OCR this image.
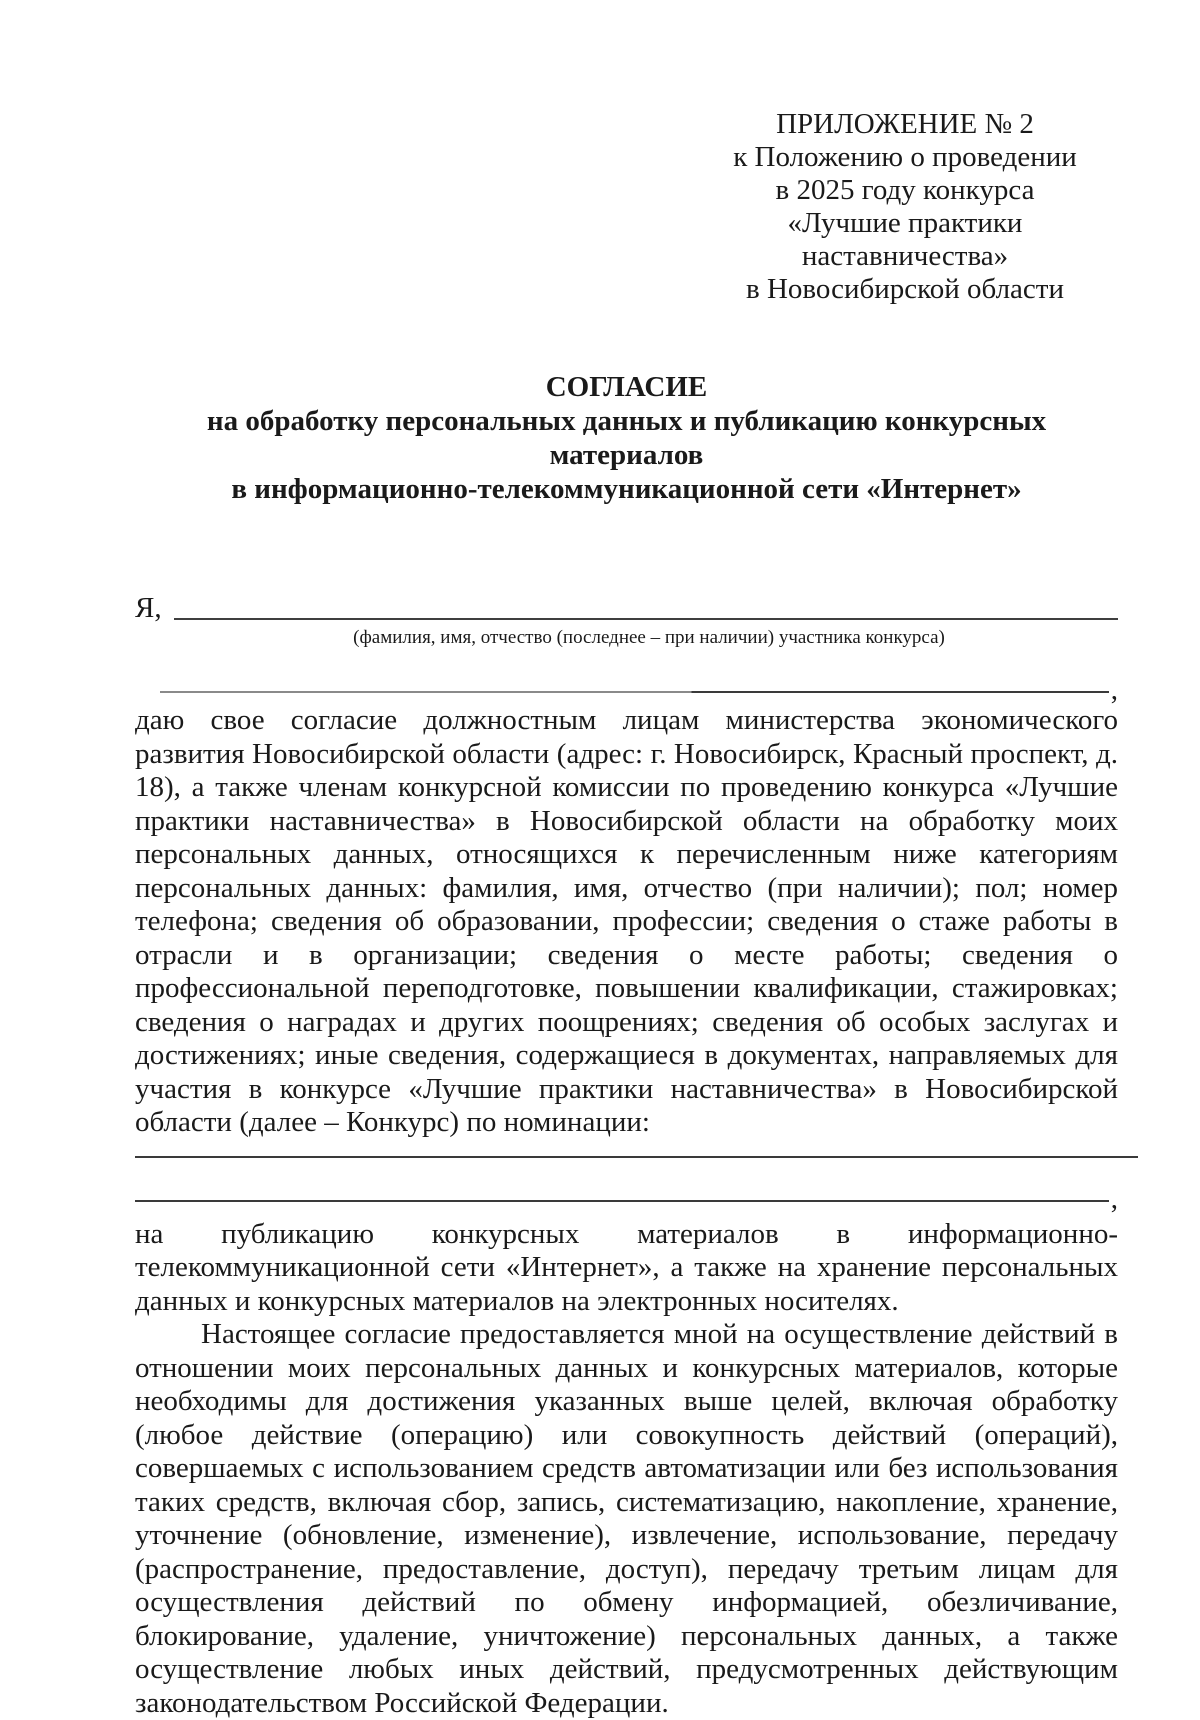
ПРИЛОЖЕНИЕ № 2
к Положению о проведении
в 2025 году конкурса
«Лучшие практики наставничества»
в Новосибирской области
СОГЛАСИЕ
на обработку персональных данных и публикацию конкурсных материалов
в информационно-телекоммуникационной сети «Интернет»
Я,
(фамилия, имя, отчество (последнее – при наличии) участника конкурса)
,

даю свое согласие должностным лицам министерства экономического развития Новосибирской области (адрес: г. Новосибирск, Красный проспект, д. 18), а также членам конкурсной комиссии по проведению конкурса «Лучшие практики наставничества» в Новосибирской области на обработку моих персональных данных, относящихся к перечисленным ниже категориям персональных данных: фамилия, имя, отчество (при наличии); пол; номер телефона; сведения об образовании, профессии; сведения о стаже работы в отрасли и в организации; сведения о месте работы; сведения о профессиональной переподготовке, повышении квалификации, стажировках; сведения о наградах и других поощрениях; сведения об особых заслугах и достижениях; иные сведения, содержащиеся в документах, направляемых для участия в конкурсе «Лучшие практики наставничества» в Новосибирской области (далее – Конкурс) по номинации:

,

на публикацию конкурсных материалов в информационно-телекоммуникационной сети «Интернет», а также на хранение персональных данных и конкурсных материалов на электронных носителях.

Настоящее согласие предоставляется мной на осуществление действий в отношении моих персональных данных и конкурсных материалов, которые необходимы для достижения указанных выше целей, включая обработку (любое действие (операцию) или совокупность действий (операций), совершаемых с использованием средств автоматизации или без использования таких средств, включая сбор, запись, систематизацию, накопление, хранение, уточнение (обновление, изменение), извлечение, использование, передачу (распространение, предоставление, доступ), передачу третьим лицам для осуществления действий по обмену информацией, обезличивание, блокирование, удаление, уничтожение) персональных данных, а также осуществление любых иных действий, предусмотренных действующим законодательством Российской Федерации.
